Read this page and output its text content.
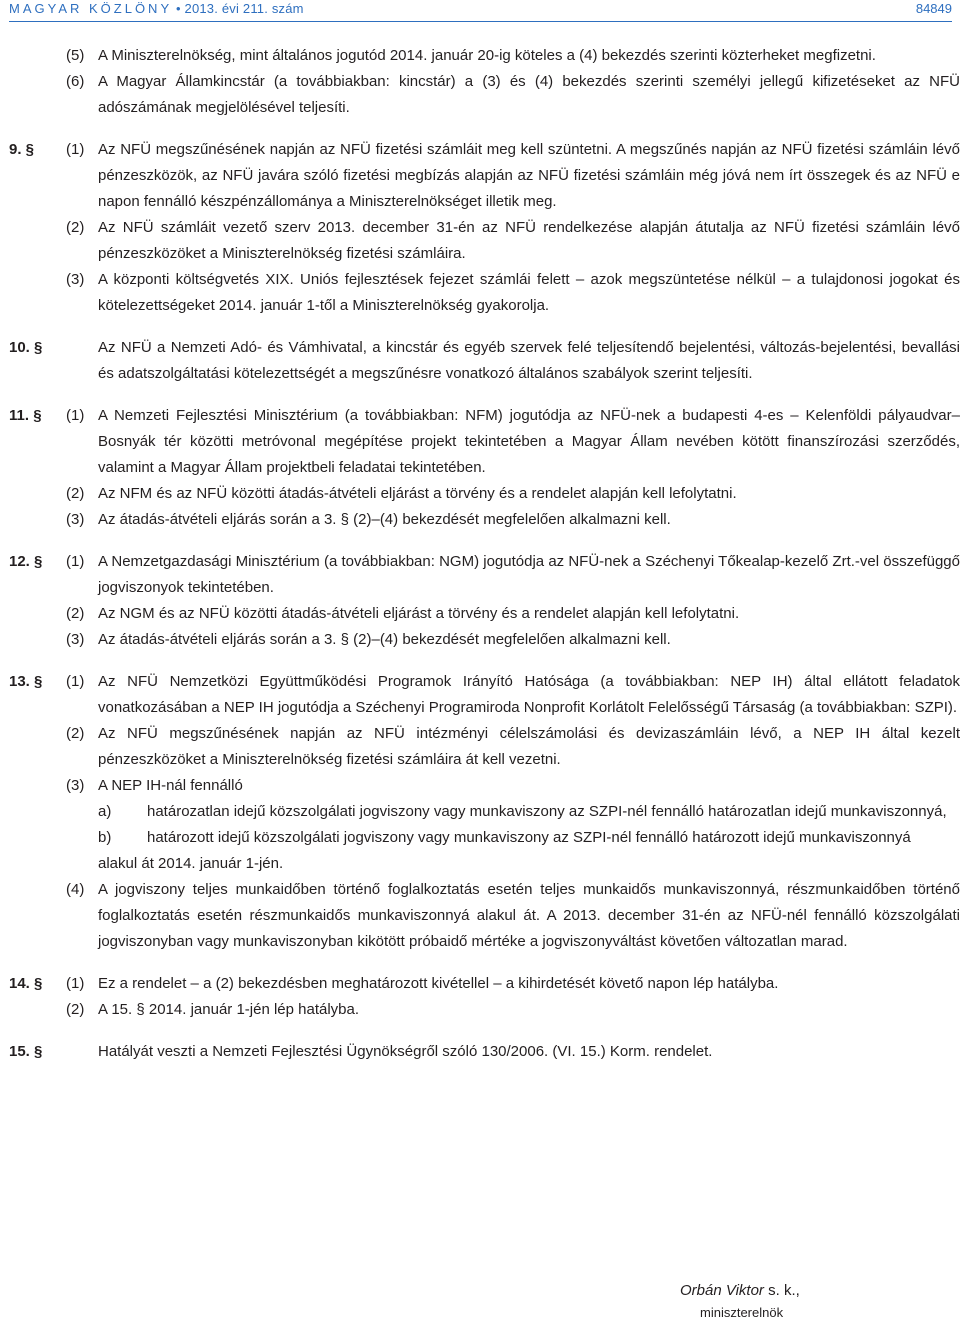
MAGYAR KÖZLÖNY • 2013. évi 211. szám	84849
(5) A Miniszterelnökség, mint általános jogutód 2014. január 20-ig köteles a (4) bekezdés szerinti közterheket megfizetni.
(6) A Magyar Államkincstár (a továbbiakban: kincstár) a (3) és (4) bekezdés szerinti személyi jellegű kifizetéseket az NFÜ adószámának megjelölésével teljesíti.
9. §	(1) Az NFÜ megszűnésének napján az NFÜ fizetési számláit meg kell szüntetni. A megszűnés napján az NFÜ fizetési számláin lévő pénzeszközök, az NFÜ javára szóló fizetési megbízás alapján az NFÜ fizetési számláin még jóvá nem írt összegek és az NFÜ e napon fennálló készpénzállománya a Miniszterelnökséget illetik meg.
(2) Az NFÜ számláit vezető szerv 2013. december 31-én az NFÜ rendelkezése alapján átutalja az NFÜ fizetési számláin lévő pénzeszközöket a Miniszterelnökség fizetési számláira.
(3) A központi költségvetés XIX. Uniós fejlesztések fejezet számlái felett – azok megszüntetése nélkül – a tulajdonosi jogokat és kötelezettségeket 2014. január 1-től a Miniszterelnökség gyakorolja.
10. §	Az NFÜ a Nemzeti Adó- és Vámhivatal, a kincstár és egyéb szervek felé teljesítendő bejelentési, változás-bejelentési, bevallási és adatszolgáltatási kötelezettségét a megszűnésre vonatkozó általános szabályok szerint teljesíti.
11. §	(1) A Nemzeti Fejlesztési Minisztérium (a továbbiakban: NFM) jogutódja az NFÜ-nek a budapesti 4-es – Kelenföldi pályaudvar–Bosnyák tér közötti metróvonal megépítése projekt tekintetében a Magyar Állam nevében kötött finanszírozási szerződés, valamint a Magyar Állam projektbeli feladatai tekintetében.
(2) Az NFM és az NFÜ közötti átadás-átvételi eljárást a törvény és a rendelet alapján kell lefolytatni.
(3) Az átadás-átvételi eljárás során a 3. § (2)–(4) bekezdését megfelelően alkalmazni kell.
12. §	(1) A Nemzetgazdasági Minisztérium (a továbbiakban: NGM) jogutódja az NFÜ-nek a Széchenyi Tőkealap-kezelő Zrt.-vel összefüggő jogviszonyok tekintetében.
(2) Az NGM és az NFÜ közötti átadás-átvételi eljárást a törvény és a rendelet alapján kell lefolytatni.
(3) Az átadás-átvételi eljárás során a 3. § (2)–(4) bekezdését megfelelően alkalmazni kell.
13. §	(1) Az NFÜ Nemzetközi Együttműködési Programok Irányító Hatósága (a továbbiakban: NEP IH) által ellátott feladatok vonatkozásában a NEP IH jogutódja a Széchenyi Programiroda Nonprofit Korlátolt Felelősségű Társaság (a továbbiakban: SZPI).
(2) Az NFÜ megszűnésének napján az NFÜ intézményi célelszámolási és devizaszámláin lévő, a NEP IH által kezelt pénzeszközöket a Miniszterelnökség fizetési számláira át kell vezetni.
(3) A NEP IH-nál fennálló
a) határozatlan idejű közszolgálati jogviszony vagy munkaviszony az SZPI-nél fennálló határozatlan idejű munkaviszonnyá,
b) határozott idejű közszolgálati jogviszony vagy munkaviszony az SZPI-nél fennálló határozott idejű munkaviszonnyá
alakul át 2014. január 1-jén.
(4) A jogviszony teljes munkaidőben történő foglalkoztatás esetén teljes munkaidős munkaviszonnyá, részmunkaidőben történő foglalkoztatás esetén részmunkaidős munkaviszonnyá alakul át. A 2013. december 31-én az NFÜ-nél fennálló közszolgálati jogviszonyban vagy munkaviszonyban kikötött próbaidő mértéke a jogviszonyváltást követően változatlan marad.
14. §	(1) Ez a rendelet – a (2) bekezdésben meghatározott kivétellel – a kihirdetését követő napon lép hatályba.
(2) A 15. § 2014. január 1-jén lép hatályba.
15. §	Hatályát veszti a Nemzeti Fejlesztési Ügynökségről szóló 130/2006. (VI. 15.) Korm. rendelet.
Orbán Viktor s. k.,
miniszterelnök
